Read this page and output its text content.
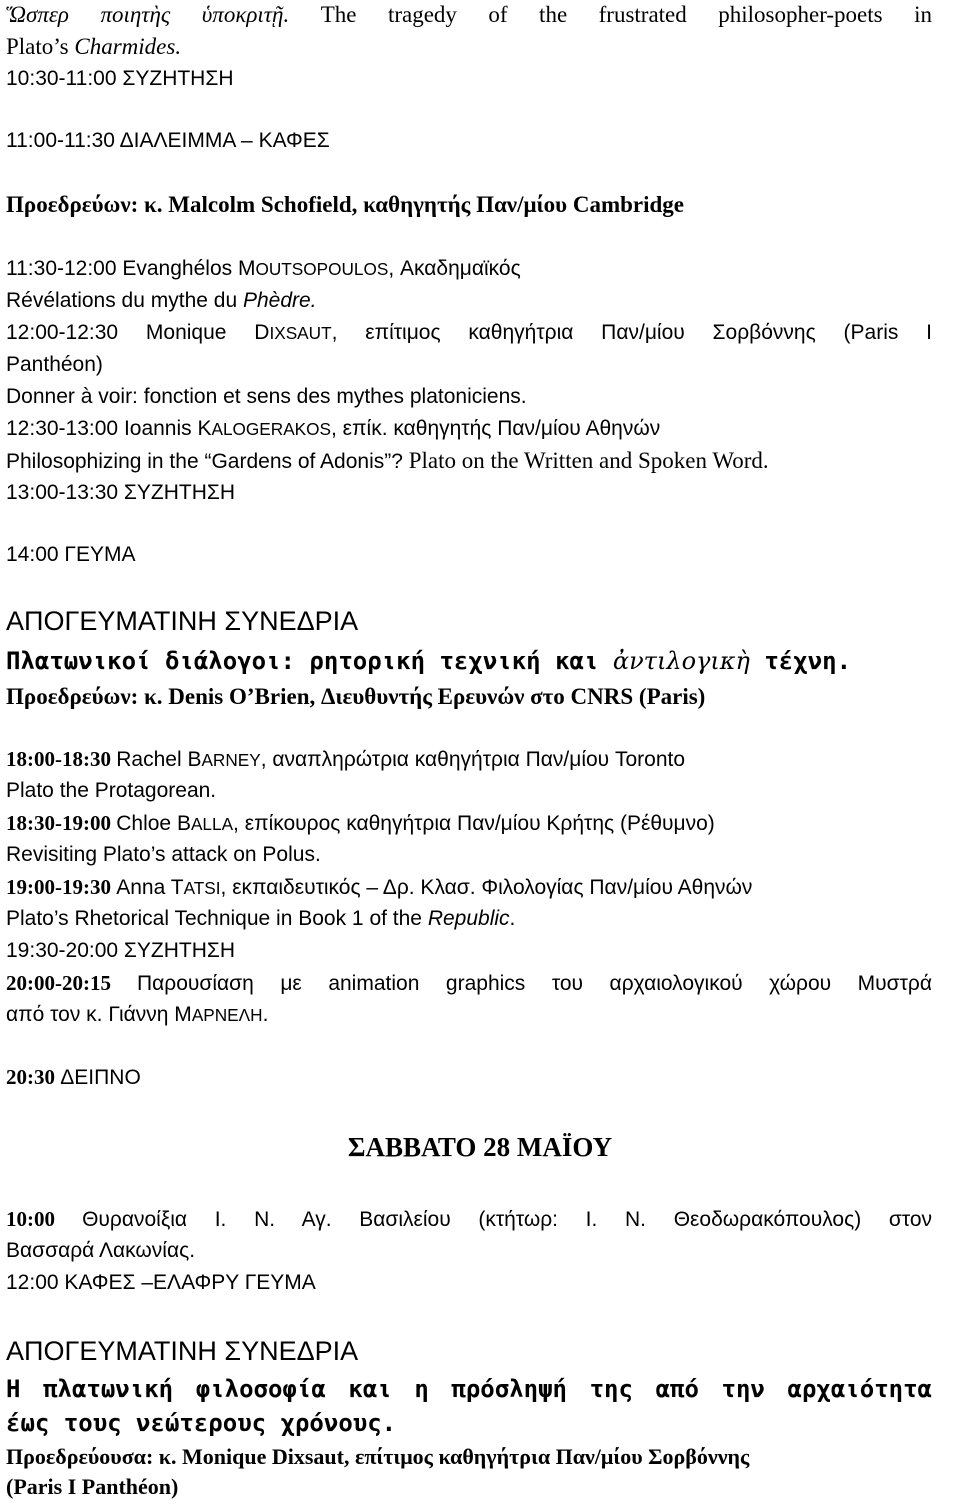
Ὥσπερ ποιητὴς ὑποκριτῇ. The tragedy of the frustrated philosopher-poets in
Plato’s Charmides.
10:30-11:00 ΣΥΖΗΤΗΣΗ
11:00-11:30 ΔΙΑΛΕΙΜΜΑ – ΚΑΦΕΣ
Προεδρεύων: κ. Malcolm Schofield, καθηγητής Παν/μίου Cambridge
11:30-12:00 Evanghélos MOUTSOPOULOS, Ακαδημαϊκός
Révélations du mythe du Phèdre.
12:00-12:30 Monique DIXSAUT, επίτιμος καθηγήτρια Παν/μίου Σορβόννης (Paris I
Panthéon)
Donner à voir: fonction et sens des mythes platoniciens.
12:30-13:00 Ioannis KALOGERAKOS, επίκ. καθηγητής Παν/μίου Αθηνών
Philosophizing in the “Gardens of Adonis”? Plato on the Written and Spoken Word.
13:00-13:30 ΣΥΖΗΤΗΣΗ
14:00 ΓΕΥΜΑ
ΑΠΟΓΕΥΜΑΤΙΝΗ ΣΥΝΕΔΡΙΑ
Πλατωνικοί διάλογοι: ρητορική τεχνική και ἀντιλογικὴ τέχνη.
Προεδρεύων: κ. Denis O’Brien, Διευθυντής Ερευνών στο CNRS (Paris)
18:00-18:30 Rachel BARNEY, αναπληρώτρια καθηγήτρια Παν/μίου Toronto
Plato the Protagorean.
18:30-19:00 Chloe BALLA, επίκουρος καθηγήτρια Παν/μίου Κρήτης (Ρέθυμνο)
Revisiting Plato’s attack on Polus.
19:00-19:30 Anna TATSI, εκπαιδευτικός – Δρ. Κλασ. Φιλολογίας Παν/μίου Αθηνών
Plato’s Rhetorical Technique in Book 1 of the Republic.
19:30-20:00 ΣΥΖΗΤΗΣΗ
20:00-20:15 Παρουσίαση με animation graphics του αρχαιολογικού χώρου Μυστρά
από τον κ. Γιάννη MΑΡΝΕΛΗ.
20:30 ΔΕΙΠΝΟ
ΣΑΒΒΑΤΟ 28 ΜΑΪΟΥ
10:00 Θυρανοίξια Ι. Ν. Αγ. Βασιλείου (κτήτωρ: Ι. Ν. Θεοδωρακόπουλος) στον
Βασσαρά Λακωνίας.
12:00 ΚΑΦΕΣ –ΕΛΑΦΡΥ ΓΕΥΜΑ
ΑΠΟΓΕΥΜΑΤΙΝΗ ΣΥΝΕΔΡΙΑ
Η πλατωνική φιλοσοφία και η πρόσληψή της από την αρχαιότητα
έως τους νεώτερους χρόνους.
Προεδρεύουσα: κ. Monique Dixsaut, επίτιμος καθηγήτρια Παν/μίου Σορβόννης
(Paris I Panthéon)
